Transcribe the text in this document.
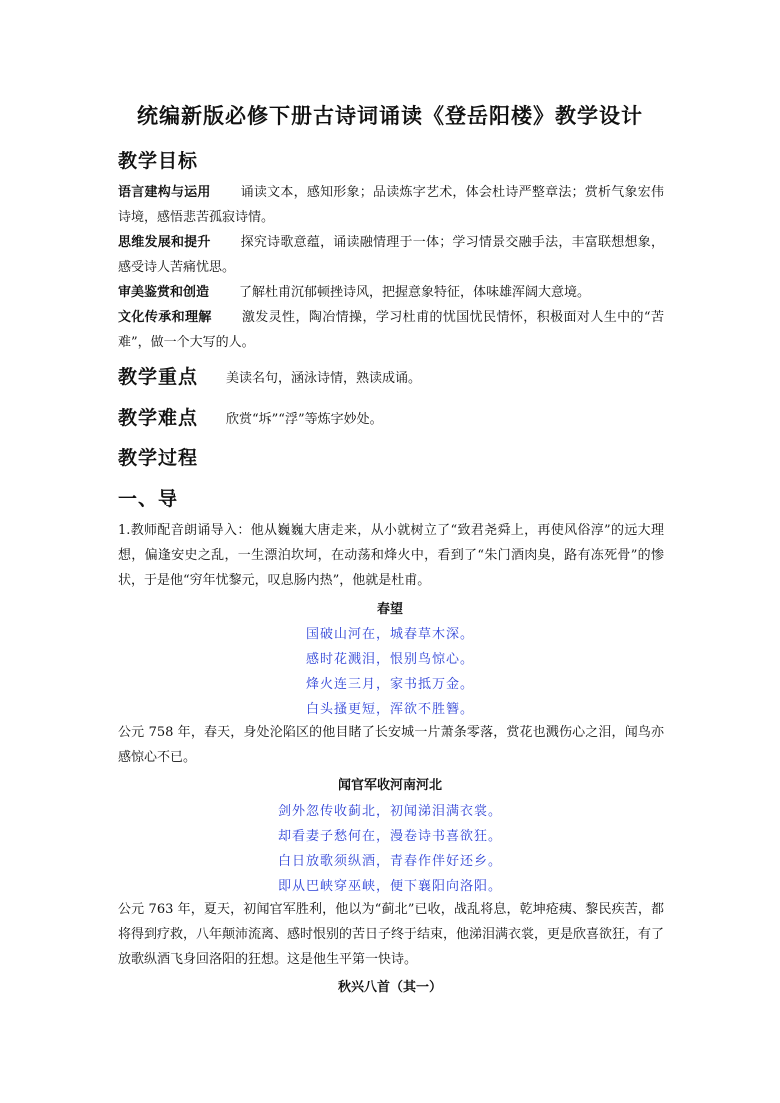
统编新版必修下册古诗词诵读《登岳阳楼》教学设计
教学目标
语言建构与运用 诵读文本，感知形象；品读炼字艺术，体会杜诗严整章法；赏析气象宏伟诗境，感悟悲苦孤寂诗情。
思维发展和提升 探究诗歌意蕴，诵读融情理于一体；学习情景交融手法，丰富联想想象，感受诗人苦痛忧思。
审美鉴赏和创造 了解杜甫沉郁顿挫诗风，把握意象特征，体味雄浑阔大意境。
文化传承和理解 激发灵性，陶冶情操，学习杜甫的忧国忧民情怀，积极面对人生中的“苦难”，做一个大写的人。
教学重点 美读名句，涵泳诗情，熟读成诵。
教学难点 欣赏“坼”“浮”等炼字妙处。
教学过程
一、导
1.教师配音朗诵导入：他从巍巍大唐走来，从小就树立了“致君尧舜上，再使风俗淳”的远大理想，偏逢安史之乱，一生漂泊坎坷，在动荡和烽火中，看到了“朱门酒肉臭，路有冻死骨”的惨状，于是他“穷年忧黎元，叹息肠内热”，他就是杜甫。
春望
国破山河在，城春草木深。
感时花溅泪，恨别鸟惊心。
烽火连三月，家书抵万金。
白头搔更短，浑欲不胜簪。
公元 758 年，春天，身处沦陷区的他目睹了长安城一片萧条零落，赏花也溅伤心之泪，闻鸟亦感惊心不已。
闻官军收河南河北
剑外忽传收蓟北，初闻涕泪满衣裳。
却看妻子愁何在，漫卷诗书喜欲狂。
白日放歌须纵酒，青春作伴好还乡。
即从巴峡穿巫峡，便下襄阳向洛阳。
公元 763 年，夏天，初闻官军胜利，他以为“蓟北”已收，战乱将息，乾坤疮痍、黎民疾苦，都将得到疗救，八年颠沛流离、感时恨别的苦日子终于结束，他涕泪满衣裳，更是欣喜欲狂，有了放歌纵酒飞身回洛阳的狂想。这是他生平第一快诗。
秋兴八首（其一）
